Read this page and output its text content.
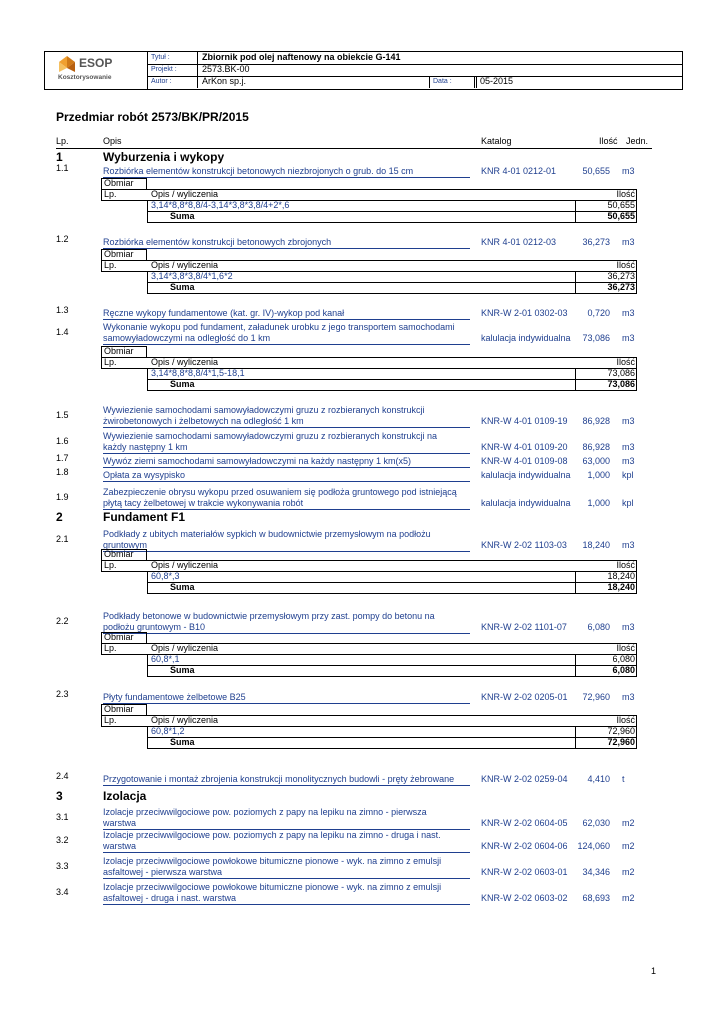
ESOP
Kosztorysowanie
Tytuł :	Zbiornik pod olej naftenowy na obiekcie G-141
Projekt :	2573.BK-00
Autor :	ArKon sp.j.	Data :	05-2015
Przedmiar robót 2573/BK/PR/2015
Lp.	Opis	Katalog	Ilość Jedn.
1	Wyburzenia i wykopy
2	Fundament F1
3	Izolacja
1.1	Rozbiórka elementów konstrukcji betonowych niezbrojonych o grub. do 15 cm	KNR 4-01 0212-01	50,655 m3
Obmiar
Lp.	Opis / wyliczenia	Ilość
3,14*8,8*8,8/4-3,14*3,8*3,8/4+2*,6	50,655
Suma	50,655
1.2	Rozbiórka elementów konstrukcji betonowych zbrojonych	KNR 4-01 0212-03	36,273 m3
Obmiar
Lp.	Opis / wyliczenia	Ilość
3,14*3,8*3,8/4*1,6*2	36,273
Suma	36,273
1.3	Ręczne wykopy fundamentowe (kat. gr. IV)-wykop pod kanał	KNR-W 2-01 0302-03	0,720 m3
1.4	Wykonanie wykopu pod fundament, załadunek urobku z jego transportem samochodami
samowyładowczymi na odległość do 1 km	kalulacja indywidualna	73,086 m3
Obmiar
Lp.	Opis / wyliczenia	Ilość
3,14*8,8*8,8/4*1,5-18,1	73,086
Suma	73,086
1.5	Wywiezienie samochodami samowyładowczymi gruzu z rozbieranych konstrukcji
żwirobetonowych i żelbetowych na odległość 1 km	KNR-W 4-01 0109-19	86,928 m3
1.6	Wywiezienie samochodami samowyładowczymi gruzu z rozbieranych konstrukcji na
każdy następny 1 km	KNR-W 4-01 0109-20	86,928 m3
1.7	Wywóz ziemi samochodami samowyładowczymi na każdy następny 1 km(x5)	KNR-W 4-01 0109-08	63,000 m3
1.8	Opłata za wysypisko	kalulacja indywidualna	1,000 kpl
1.9	Zabezpieczenie obrysu wykopu przed osuwaniem się podłoża gruntowego pod istniejącą
płytą tacy żelbetowej w trakcie wykonywania robót	kalulacja indywidualna	1,000 kpl
2.1	Podkłady z ubitych materiałów sypkich w budownictwie przemysłowym na podłożu
gruntowym	KNR-W 2-02 1103-03	18,240 m3
Obmiar
Lp.	Opis / wyliczenia	Ilość
60,8*,3	18,240
Suma	18,240
2.2	Podkłady betonowe w budownictwie przemysłowym przy zast. pompy do betonu na
podłożu gruntowym - B10	KNR-W 2-02 1101-07	6,080 m3
Obmiar
Lp.	Opis / wyliczenia	Ilość
60,8*,1	6,080
Suma	6,080
2.3	Płyty fundamentowe żelbetowe B25	KNR-W 2-02 0205-01	72,960 m3
Obmiar
Lp.	Opis / wyliczenia	Ilość
60,8*1,2	72,960
Suma	72,960
2.4	Przygotowanie i montaż zbrojenia konstrukcji monolitycznych budowli - pręty żebrowane	KNR-W 2-02 0259-04	4,410 t
3.1	Izolacje przeciwwilgociowe pow. poziomych z papy na lepiku na zimno - pierwsza
warstwa	KNR-W 2-02 0604-05	62,030 m2
3.2	Izolacje przeciwwilgociowe pow. poziomych z papy na lepiku na zimno - druga i nast.
warstwa	KNR-W 2-02 0604-06	124,060 m2
3.3	Izolacje przeciwwilgociowe powłokowe bitumiczne pionowe - wyk. na zimno z emulsji
asfaltowej - pierwsza warstwa	KNR-W 2-02 0603-01	34,346 m2
3.4	Izolacje przeciwwilgociowe powłokowe bitumiczne pionowe - wyk. na zimno z emulsji
asfaltowej - druga i nast. warstwa	KNR-W 2-02 0603-02	68,693 m2
1
